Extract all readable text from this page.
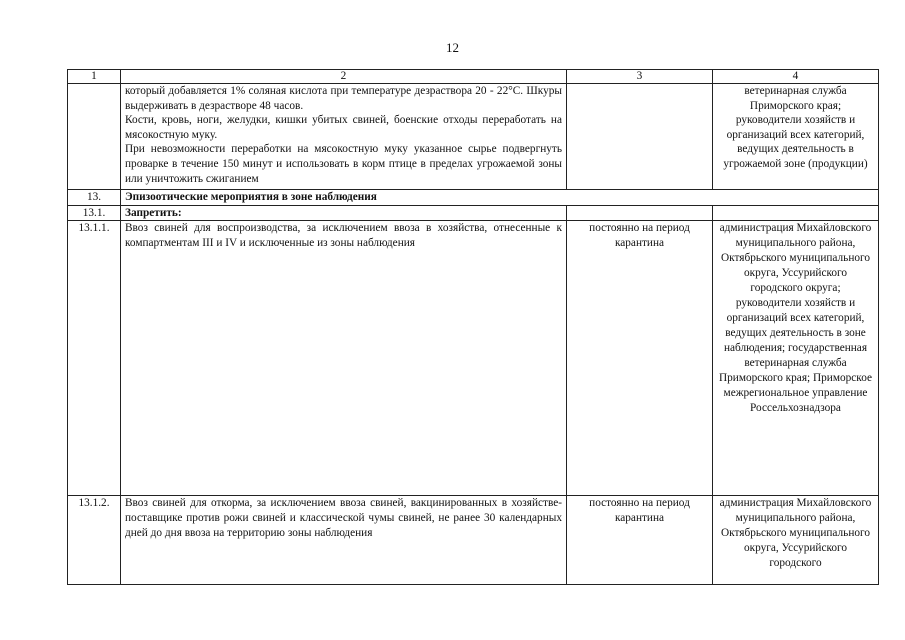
12
1	2	3	4

	который добавляется 1% соляная кислота при температуре дезраствора 20 - 22°С. Шкуры выдерживать в дезрастворе 48 часов.
Кости, кровь, ноги, желудки, кишки убитых свиней, боенские отходы переработать на мясокостную муку.
При невозможности переработки на мясокостную муку указанное сырье подвергнуть проварке в течение 150 минут и использовать в корм птице в пределах угрожаемой зоны или уничтожить сжиганием		ветеринарная служба Приморского края; руководители хозяйств и организаций всех категорий, ведущих деятельность в угрожаемой зоне (продукции)
13.	Эпизоотические мероприятия в зоне наблюдения		
13.1.	Запретить:		
13.1.1.	Ввоз свиней для воспроизводства, за исключением ввоза в хозяйства, отнесенные к компартментам III и IV и исключенные из зоны наблюдения	постоянно на период карантина	администрация Михайловского муниципального района, Октябрьского муниципального округа, Уссурийского городского округа; руководители хозяйств и организаций всех категорий, ведущих деятельность в зоне наблюдения; государственная ветеринарная служба Приморского края; Приморское межрегиональное управление Россельхознадзора
13.1.2.	Ввоз свиней для откорма, за исключением ввоза свиней, вакцинированных в хозяйстве-поставщике против рожи свиней и классической чумы свиней, не ранее 30 календарных дней до дня ввоза на территорию зоны наблюдения	постоянно на период карантина	администрация Михайловского муниципального района, Октябрьского муниципального округа, Уссурийского городского
